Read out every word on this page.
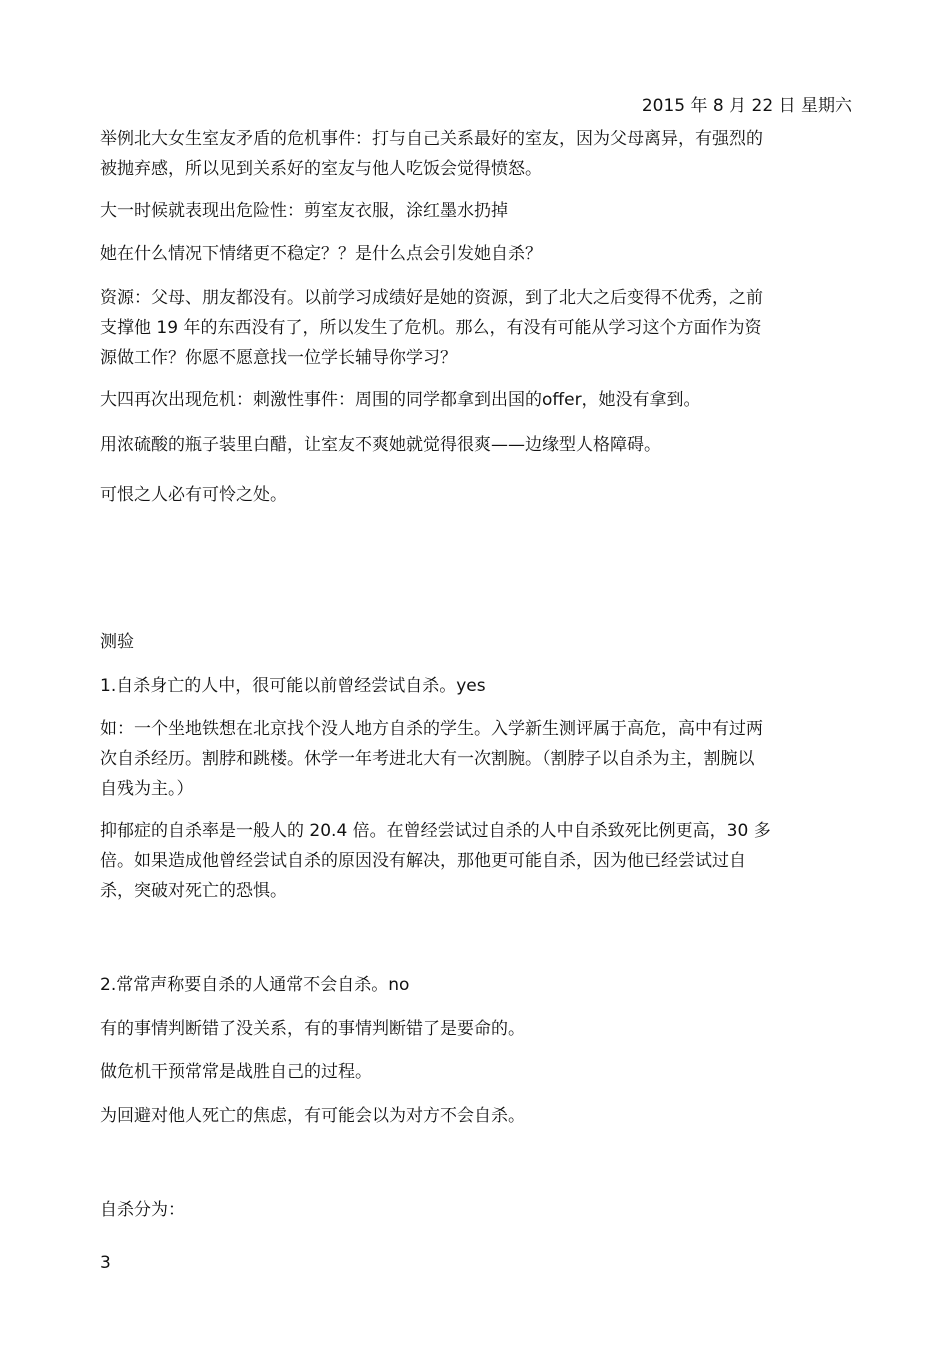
2015 年 8 月 22 日 星期六
举例北大女生室友矛盾的危机事件：打与自己关系最好的室友，因为父母离异，有强烈的
被抛弃感，所以见到关系好的室友与他人吃饭会觉得愤怒。
大一时候就表现出危险性：剪室友衣服，涂红墨水扔掉
她在什么情况下情绪更不稳定？？是什么点会引发她自杀？
资源：父母、朋友都没有。以前学习成绩好是她的资源，到了北大之后变得不优秀，之前
支撑他 19 年的东西没有了，所以发生了危机。那么，有没有可能从学习这个方面作为资
源做工作？你愿不愿意找一位学长辅导你学习？
大四再次出现危机：刺激性事件：周围的同学都拿到出国的offer，她没有拿到。
用浓硫酸的瓶子装里白醋，让室友不爽她就觉得很爽——边缘型人格障碍。
可恨之人必有可怜之处。
测验
1.自杀身亡的人中，很可能以前曾经尝试自杀。yes
如：一个坐地铁想在北京找个没人地方自杀的学生。入学新生测评属于高危，高中有过两
次自杀经历。割脖和跳楼。休学一年考进北大有一次割腕。（割脖子以自杀为主，割腕以
自残为主。）
抑郁症的自杀率是一般人的 20.4 倍。在曾经尝试过自杀的人中自杀致死比例更高，30 多
倍。如果造成他曾经尝试自杀的原因没有解决，那他更可能自杀，因为他已经尝试过自
杀，突破对死亡的恐惧。
2.常常声称要自杀的人通常不会自杀。no
有的事情判断错了没关系，有的事情判断错了是要命的。
做危机干预常常是战胜自己的过程。
为回避对他人死亡的焦虑，有可能会以为对方不会自杀。
自杀分为：
3
